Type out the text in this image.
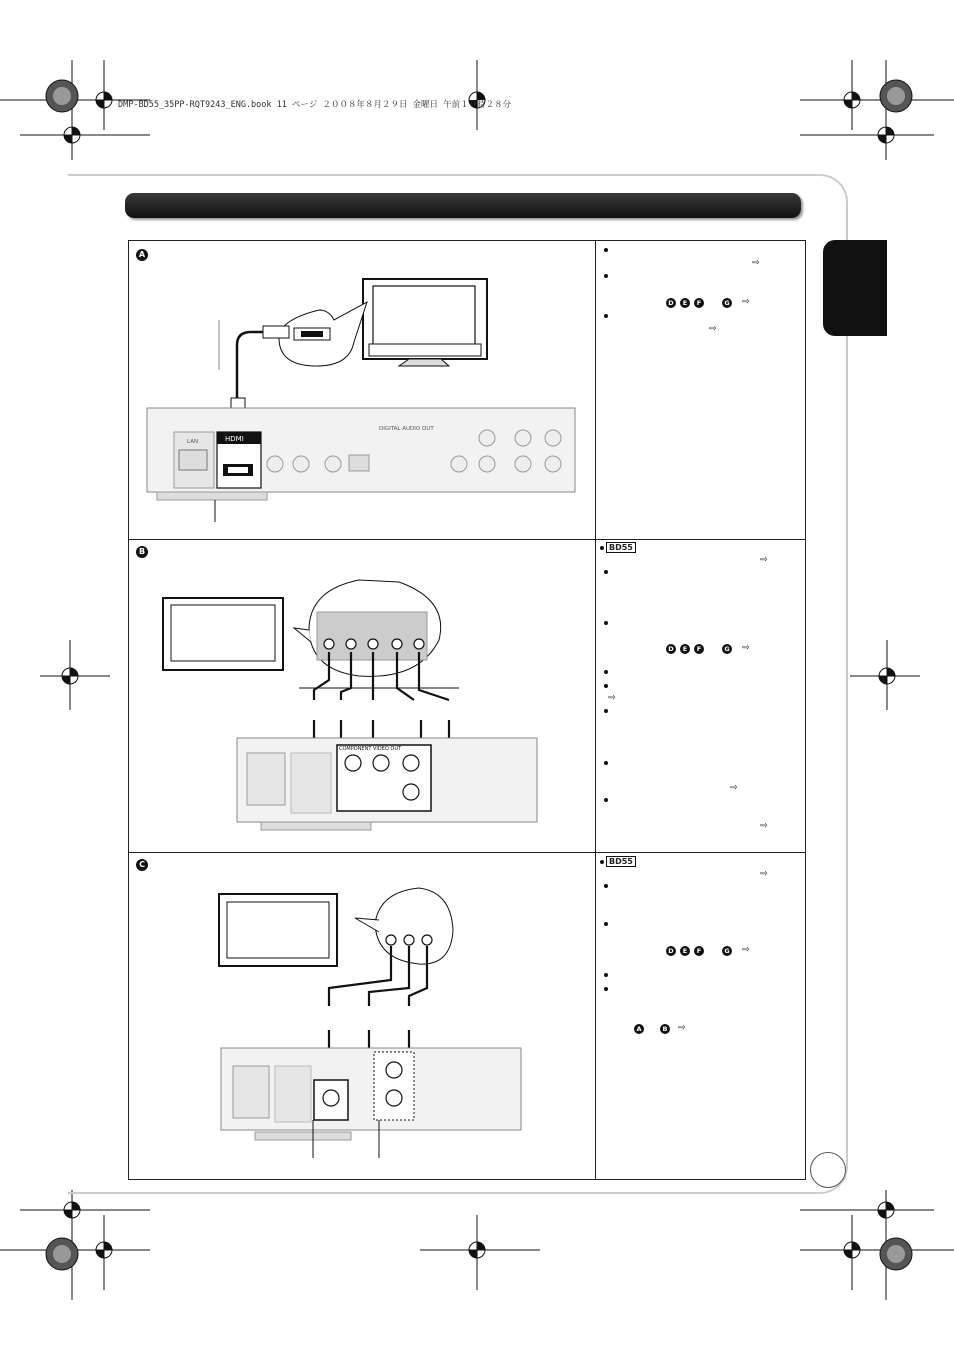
DMP-BD55_35PP-RQT9243_ENG.book 11 ページ ２００８年８月２９日 金曜日 午前１０時２８分
A
B
C
LAN	HDMI
DIGITAL AUDIO OUT
COMPONENT VIDEO OUT
⇨
D	E	F	G ⇨
⇨
BD55
⇨
D	E	F	G ⇨
⇨
⇨
⇨
BD55
⇨
D	E	F	G ⇨
A	B ⇨
